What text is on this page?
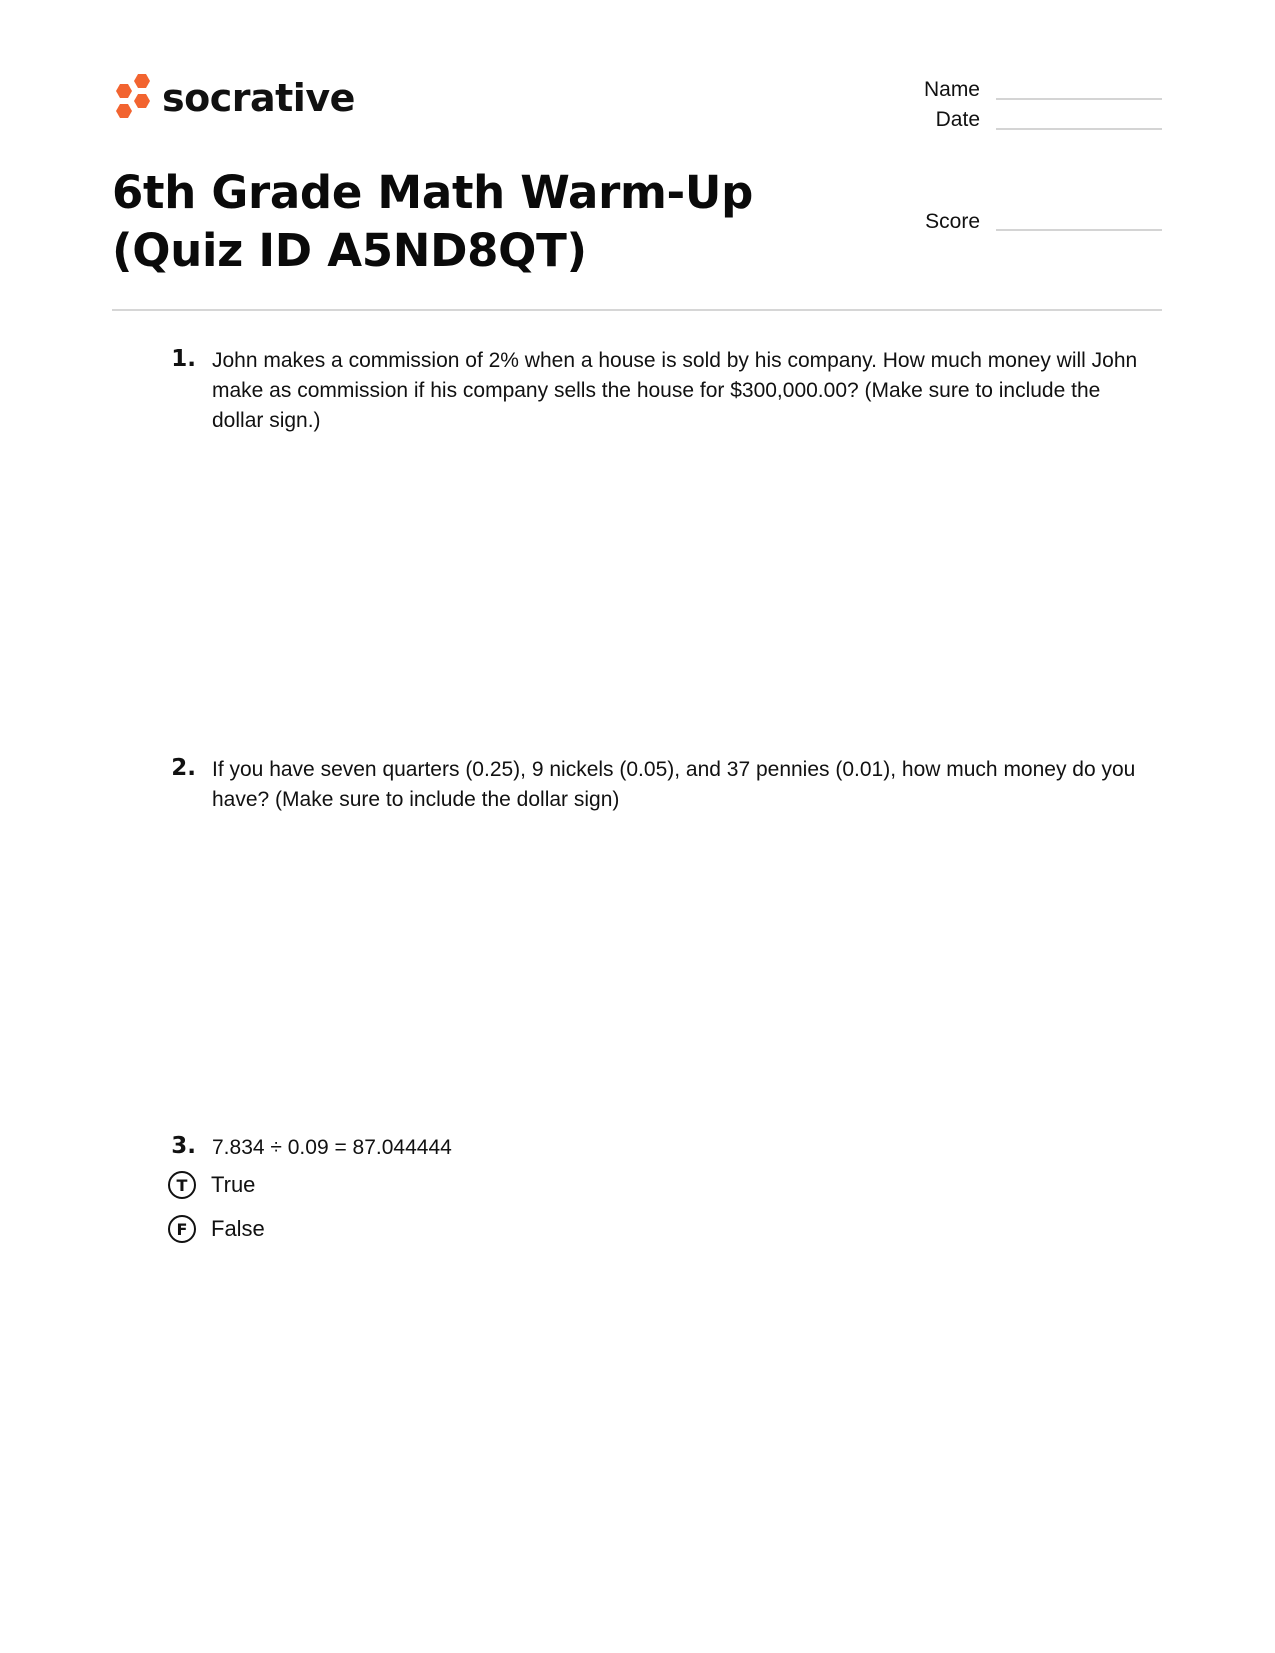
socrative	Name
Date
Score
6th Grade Math Warm-Up (Quiz ID A5ND8QT)
1. John makes a commission of 2% when a house is sold by his company. How much money will John make as commission if his company sells the house for $300,000.00? (Make sure to include the dollar sign.)
2. If you have seven quarters (0.25), 9 nickels (0.05), and 37 pennies (0.01), how much money do you have? (Make sure to include the dollar sign)
3. 7.834 ÷ 0.09 = 87.044444
T	True
F	False
